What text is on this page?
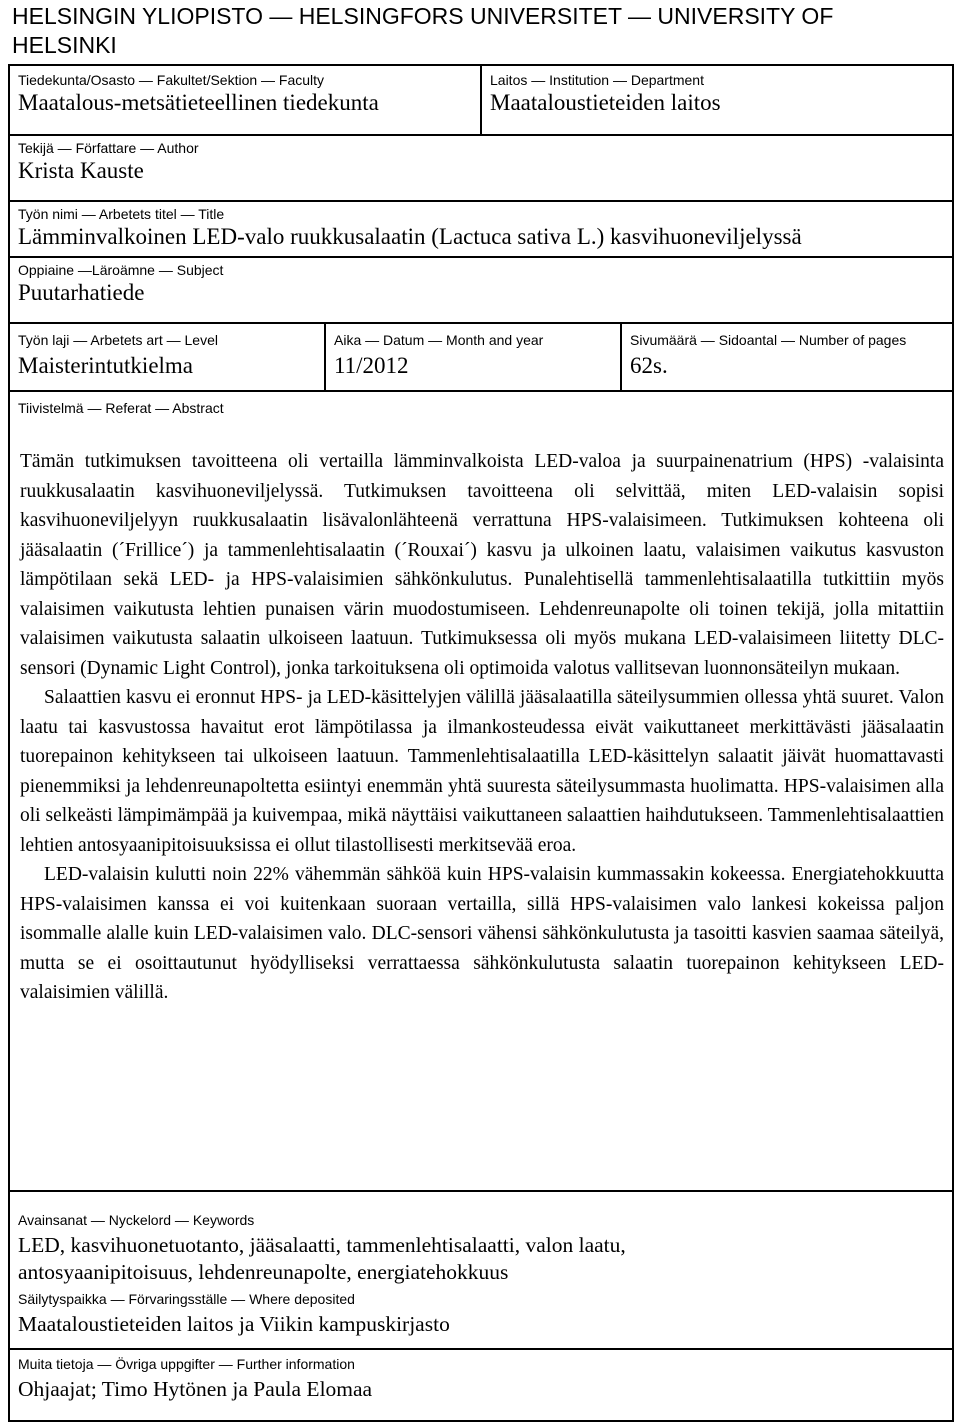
HELSINGIN YLIOPISTO ― HELSINGFORS UNIVERSITET ― UNIVERSITY OF HELSINKI
Tiedekunta/Osasto ― Fakultet/Sektion ― Faculty
Maatalous-metsätieteellinen tiedekunta
Laitos ― Institution ― Department
Maataloustieteiden laitos
Tekijä ― Författare ― Author
Krista Kauste
Työn nimi ― Arbetets titel ― Title
Lämminvalkoinen LED-valo ruukkusalaatin (Lactuca sativa L.) kasvihuoneviljelyssä
Oppiaine ―Läroämne ― Subject
Puutarhatiede
Työn laji ― Arbetets art ― Level
Maisterintutkielma
Aika ― Datum ― Month and year
11/2012
Sivumäärä ― Sidoantal ― Number of pages
62s.
Tiivistelmä ― Referat ― Abstract

Tämän tutkimuksen tavoitteena oli vertailla lämminvalkoista LED-valoa ja suurpainenatrium (HPS) -valaisinta ruukkusalaatin kasvihuoneviljelyssä. Tutkimuksen tavoitteena oli selvittää, miten LED-valaisin sopisi kasvihuoneviljelyyn ruukkusalaatin lisävalonlähteenä verrattuna HPS-valaisimeen. Tutkimuksen kohteena oli jääsalaatin (´Frillice´) ja tammenlehtisalaatin (´Rouxai´) kasvu ja ulkoinen laatu, valaisimen vaikutus kasvuston lämpötilaan sekä LED- ja HPS-valaisimien sähkönkulutus. Punalehtisellä tammenlehtisalaatilla tutkittiin myös valaisimen vaikutusta lehtien punaisen värin muodostumiseen. Lehdenreunapolte oli toinen tekijä, jolla mitattiin valaisimen vaikutusta salaatin ulkoiseen laatuun. Tutkimuksessa oli myös mukana LED-valaisimeen liitetty DLC-sensori (Dynamic Light Control), jonka tarkoituksena oli optimoida valotus vallitsevan luonnonsäteilyn mukaan.

Salaattien kasvu ei eronnut HPS- ja LED-käsittelyjen välillä jääsalaatilla säteilysummien ollessa yhtä suuret. Valon laatu tai kasvustossa havaitut erot lämpötilassa ja ilmankosteudessa eivät vaikuttaneet merkittävästi jääsalaatin tuorepainon kehitykseen tai ulkoiseen laatuun. Tammenlehtisalaatilla LED-käsittelyn salaatit jäivät huomattavasti pienemmiksi ja lehdenreunapoltetta esiintyi enemmän yhtä suuresta säteilysummasta huolimatta. HPS-valaisimen alla oli selkeästi lämpimämpää ja kuivempaa, mikä näyttäisi vaikuttaneen salaattien haihdutukseen. Tammenlehtisalaattien lehtien antosyaanipitoisuuksissa ei ollut tilastollisesti merkitsevää eroa.

LED-valaisin kulutti noin 22% vähemmän sähköä kuin HPS-valaisin kummassakin kokeessa. Energiatehokkuutta HPS-valaisimen kanssa ei voi kuitenkaan suoraan vertailla, sillä HPS-valaisimen valo lankesi kokeissa paljon isommalle alalle kuin LED-valaisimen valo. DLC-sensori vähensi sähkönkulutusta ja tasoitti kasvien saamaa säteilyä, mutta se ei osoittautunut hyödylliseksi verrattaessa sähkönkulutusta salaatin tuorepainon kehitykseen LED-valaisimien välillä.

Avainsanat ― Nyckelord ― Keywords
LED, kasvihuonetuotanto, jääsalaatti, tammenlehtisalaatti, valon laatu,
antosyaanipitoisuus, lehdenreunapolte, energiatehokkuus
Säilytyspaikka ― Förvaringsställe ― Where deposited
Maataloustieteiden laitos ja Viikin kampuskirjasto
Muita tietoja ― Övriga uppgifter ― Further information
Ohjaajat; Timo Hytönen ja Paula Elomaa
